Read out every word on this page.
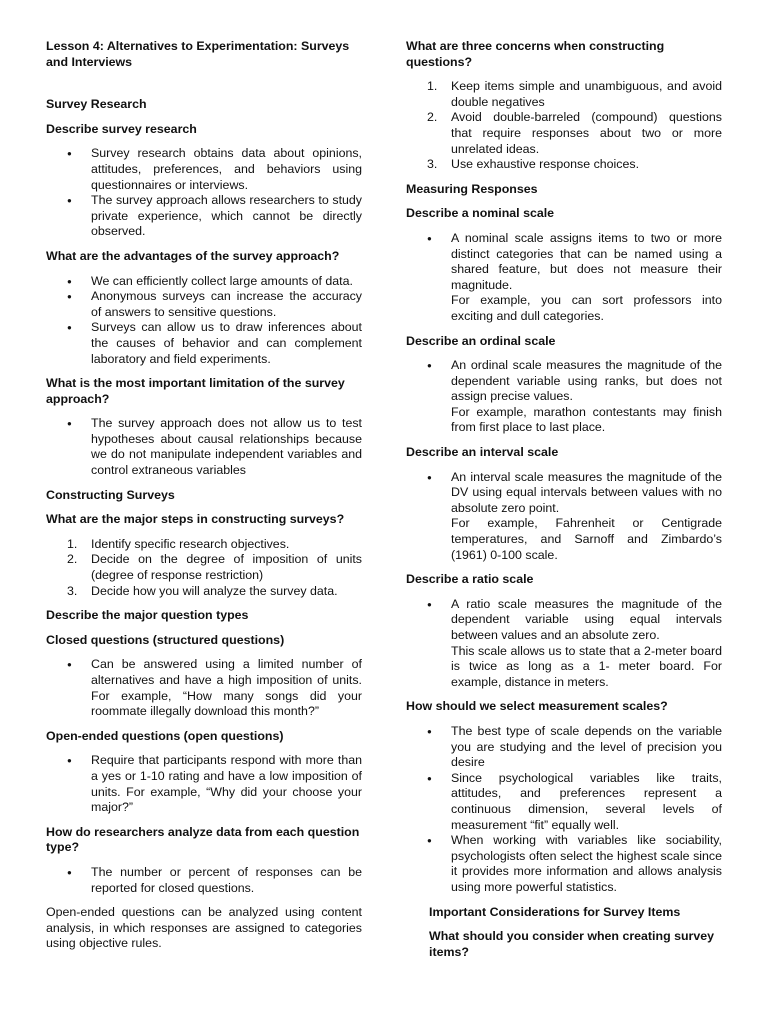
Lesson 4: Alternatives to Experimentation: Surveys and Interviews
Survey Research
Describe survey research
● Survey research obtains data about opinions, attitudes, preferences, and behaviors using questionnaires or interviews.
● The survey approach allows researchers to study private experience, which cannot be directly observed.
What are the advantages of the survey approach?
● We can efficiently collect large amounts of data.
● Anonymous surveys can increase the accuracy of answers to sensitive questions.
● Surveys can allow us to draw inferences about the causes of behavior and can complement laboratory and field experiments.
What is the most important limitation of the survey approach?
● The survey approach does not allow us to test hypotheses about causal relationships because we do not manipulate independent variables and control extraneous variables
Constructing Surveys
What are the major steps in constructing surveys?
1. Identify specific research objectives.
2. Decide on the degree of imposition of units (degree of response restriction)
3. Decide how you will analyze the survey data.
Describe the major question types
Closed questions (structured questions)
● Can be answered using a limited number of alternatives and have a high imposition of units. For example, “How many songs did your roommate illegally download this month?”
Open-ended questions (open questions)
● Require that participants respond with more than a yes or 1-10 rating and have a low imposition of units. For example, “Why did your choose your major?”
How do researchers analyze data from each question type?
● The number or percent of responses can be reported for closed questions.

Open-ended questions can be analyzed using content analysis, in which responses are assigned to categories using objective rules.

What are three concerns when constructing questions?
1. Keep items simple and unambiguous, and avoid double negatives
2. Avoid double-barreled (compound) questions that require responses about two or more unrelated ideas.
3. Use exhaustive response choices.
Measuring Responses
Describe a nominal scale
● A nominal scale assigns items to two or more distinct categories that can be named using a shared feature, but does not measure their magnitude.
For example, you can sort professors into exciting and dull categories.
Describe an ordinal scale
● An ordinal scale measures the magnitude of the dependent variable using ranks, but does not assign precise values.
For example, marathon contestants may finish from first place to last place.
Describe an interval scale
● An interval scale measures the magnitude of the DV using equal intervals between values with no absolute zero point.
For example, Fahrenheit or Centigrade temperatures, and Sarnoff and Zimbardo’s (1961) 0-100 scale.
Describe a ratio scale
● A ratio scale measures the magnitude of the dependent variable using equal intervals between values and an absolute zero.
This scale allows us to state that a 2-meter board is twice as long as a 1- meter board. For example, distance in meters.
How should we select measurement scales?
● The best type of scale depends on the variable you are studying and the level of precision you desire
● Since psychological variables like traits, attitudes, and preferences represent a continuous dimension, several levels of measurement “fit” equally well.
● When working with variables like sociability, psychologists often select the highest scale since it provides more information and allows analysis using more powerful statistics.
Important Considerations for Survey Items
What should you consider when creating survey items?
